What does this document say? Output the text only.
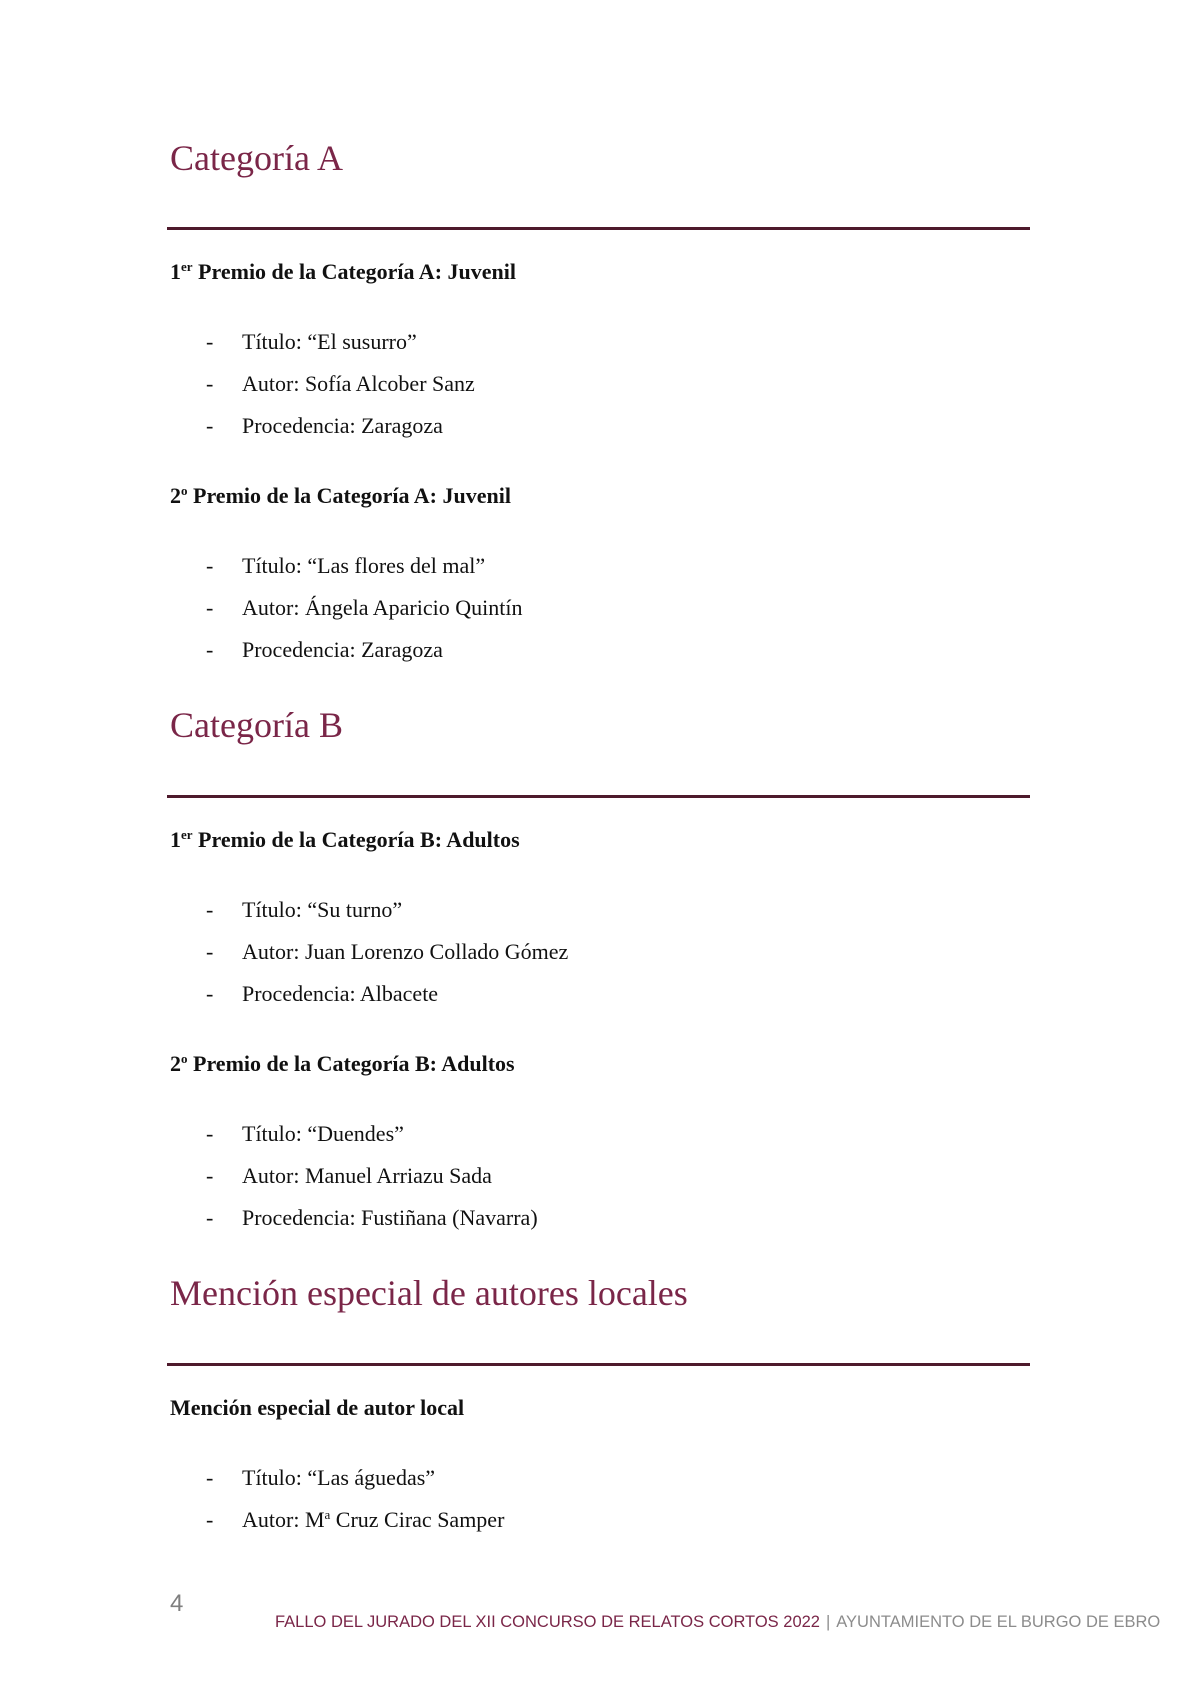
Categoría A

1er Premio de la Categoría A: Juvenil

- Título: “El susurro”

- Autor: Sofía Alcober Sanz

- Procedencia: Zaragoza

2$^o$ Premio de la Categoría A: Juvenil

- Título: “Las flores del mal”

- Autor: Ángela Aparicio Quintín

- Procedencia: Zaragoza

Categoría B

1er Premio de la Categoría B: Adultos

- Título: “Su turno”

- Autor: Juan Lorenzo Collado Gómez

- Procedencia: Albacete

2$^o$ Premio de la Categoría B: Adultos

- Título: “Duendes”

- Autor: Manuel Arriazu Sada

- Procedencia: Fustiñana (Navarra)

Mención especial de autores locales

Mención especial de autor local

- Título: “Las águedas”

- Autor: $M^a$ Cruz Cirac Samper

4
FALLO DEL JURADO DEL XII CONCURSO DE RELATOS CORTOS 2022 | AYUNTAMIENTO DE EL BURGO DE EBRO
